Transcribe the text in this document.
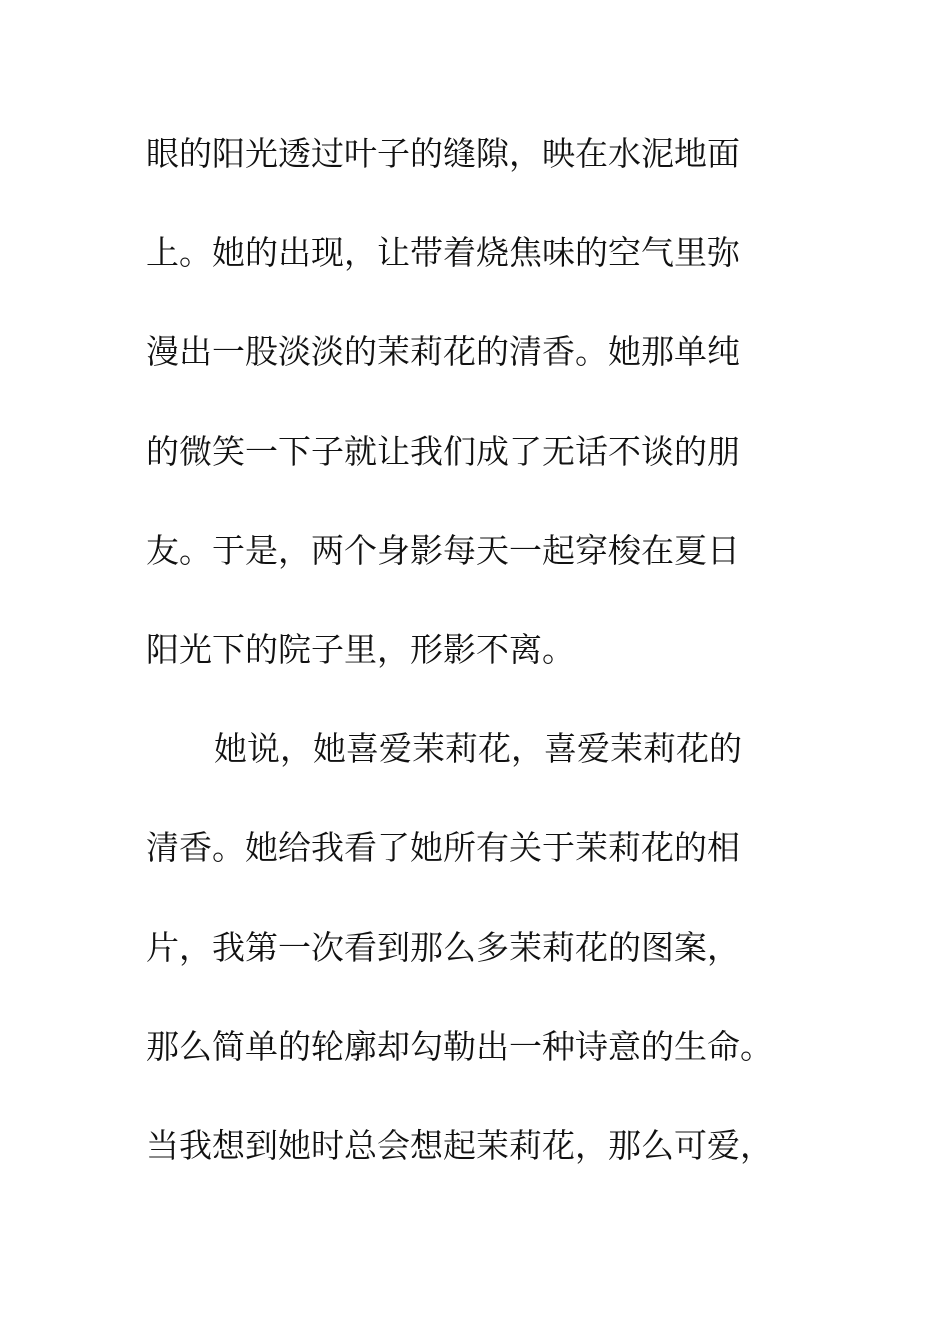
眼的阳光透过叶子的缝隙，映在水泥地面
上。她的出现，让带着烧焦味的空气里弥
漫出一股淡淡的茉莉花的清香。她那单纯
的微笑一下子就让我们成了无话不谈的朋
友。于是，两个身影每天一起穿梭在夏日
阳光下的院子里，形影不离。
她说，她喜爱茉莉花，喜爱茉莉花的
清香。她给我看了她所有关于茉莉花的相
片，我第一次看到那么多茉莉花的图案，
那么简单的轮廓却勾勒出一种诗意的生命。
当我想到她时总会想起茉莉花，那么可爱，
